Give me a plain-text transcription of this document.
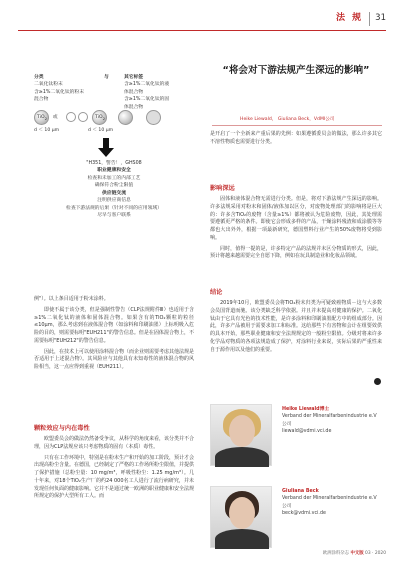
法 规	31
分类
二氧化钛粉末
含≥1%二氧化钛的粉末
混合物
与	其它标签
含≥1%二氧化钛的液
体混合物
含≥1%二氧化钛的固
体混合物
TiO$_2$ 或	TiO$_2$
d ＜ 10 µm	d ＜ 10 µm
"H351，警告！，GHS08
职业健康和安全
检查和未加工的内部工艺
确保符合粉尘限值
供应链交流
注明供应商信息
检查下游法规的后果（针对不同的应用领域）
尽早与客户联系
例"）。以上条目适用于粉末涂料。
即使不属于该分类，但是强制性警告（CLP法规附件Ⅲ）也适用于含≥1%二氧化钛的液体和固体混合物。如果含有的TiO₂颗粒的粒径≤10µm，那么考虑到在液体混合物（如涂料和印刷油墨）上标明吸入危险的目的，则需要标明"EUH211"的警告信息。但是在固体混合物上，不需要标明"EUH212"的警告信息。
因此，在技术上可以使用涂料混合物（而企业则需要考虑其他法规是否适用于上述混合物）。其风险应与其他具有未知毒性的液体混合物的风险相当，这一点应得到重视（EUH211）。
颗粒效应与内在毒性
欧盟委员会的做法仍然备受争议，从科学的角度来看，该分类并不合理，因为CLP法规应该只考虑物质的固有（本质）毒性。
只有在工作环境中，特别是在粉末生产和开始的加工阶段，预计才会出现高粉尘含量。在德国，已经制定了严格的工作场所粉尘限值，并提供了保护措施（总粉尘量：10 mg/m³，呼吸性粉尘：1.25 mg/m³）。几十年来，对18个TiO₂生产厂的约24 000名工人进行了流行病研究，并未发现任何负面的健康影响。它并不是通过统一欧洲的职业健康和安全法规所规定的保护大型所有工人。而
“将会对下游法规产生深远的影响”
Heike Liewald， Giuliana Beck，VdMI公司
是开启了一个全新来产重后果的先例：如果遵循委员会的做法，那么许多其它不溶性物质也需要进行分类。
影响深远
固体和液体混合物无需进行分类。但是，将对下游法规产生深远的影响。许多法规采用对粉末和固体/液体加以区分，对废物处理部门的影响将是巨大的：许多含TiO₂的废物（含量≥1%）都将被认为危险废物，因此，其处理需要遵循更严格的条件。即使它会形成多样的产品，干燥涂料残渣和成涂膜等等都也大出外外，根据一项最新研究，德国塑料行业产生的50%废物将受到影响。
同时，值得一提的是，许多特定产品的法规并未区分物质的形式，因此，预计将越来越需要完全自愿下降，例如在玩具制造业和化妆品领域。
结论
2019年10月，欧盟委员会将TiO₂粉末归类为可疑致癌物质－这与大多数会员国背道而驰。该分类缺乏科学依据。并且并未提高对健康的保护。二氧化钛由于它具有光色的技术性能，是许多涂料和印刷油墨配方中的组成部分。因此，许多产品被用于需要求加工和标准。这给那些下有害物和会计在组要效供的具本开始，那些职业健康和安全法规规定的一般粉尘限值。分级对将来许多化学品对物质的各项法规造成了保护，对涂料行业来说，实际后果的严重性来自于源作用以及他们的重要。
Heike Liewald博士
Verband der Mineralfarbenindustrie e.V
公司
liewald@vdmi.vci.de
Giuliana Beck
Verband der Mineralfarbenindustrie e.V
公司
beck@vdmi.vci.de
欧洲涂料杂志 中文版 03 · 2020
